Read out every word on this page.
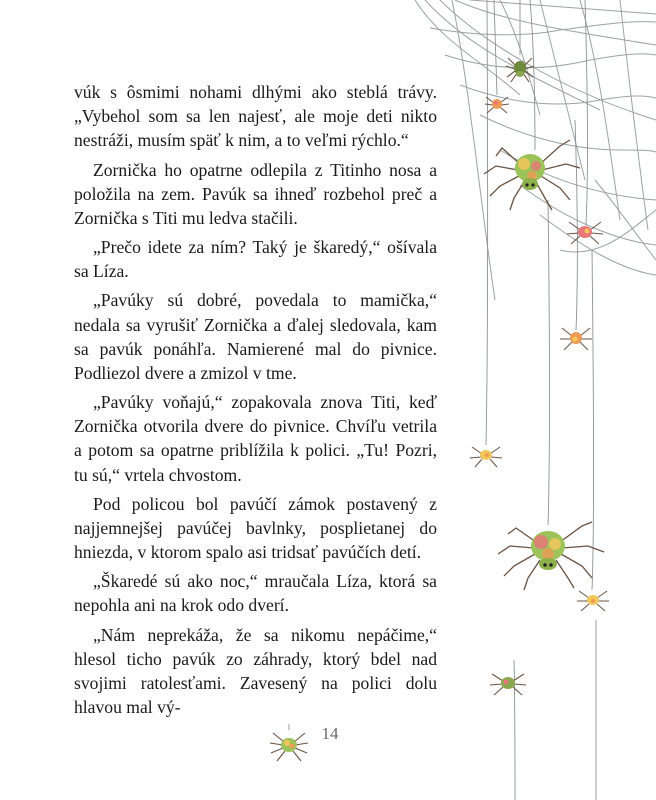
vúk s ôsmimi nohami dlhými ako steblá trávy. „Vybehol som sa len najesť, ale moje deti nikto nestráži, musím späť k nim, a to veľmi rýchlo.“

Zornička ho opatrne odlepila z Titinho nosa a položila na zem. Pavúk sa ihneď rozbehol preč a Zornička s Titi mu ledva stačili.

„Prečo idete za ním? Taký je škaredý,“ ošívala sa Líza.

„Pavúky sú dobré, povedala to mamička,“ nedala sa vyrušiť Zornička a ďalej sledovala, kam sa pavúk ponáhľa. Namierené mal do pivnice. Podliezol dvere a zmizol v tme.

„Pavúky voňajú,“ zopakovala znova Titi, keď Zornička otvorila dvere do pivnice. Chvíľu vetrila a potom sa opatrne priblížila k polici. „Tu! Pozri, tu sú,“ vrtela chvostom.

Pod policou bol pavúčí zámok postavený z najjemnejšej pavúčej bavlnky, posplietanej do hniezda, v ktorom spalo asi tridsať pavúčích detí.

„Škaredé sú ako noc,“ mraučala Líza, ktorá sa nepohla ani na krok odo dverí.

„Nám neprekáža, že sa nikomu nepáčime,“ hlesol ticho pavúk zo záhrady, ktorý bdel nad svojimi ratolesťami. Zavesený na polici dolu hlavou mal vý-

14
